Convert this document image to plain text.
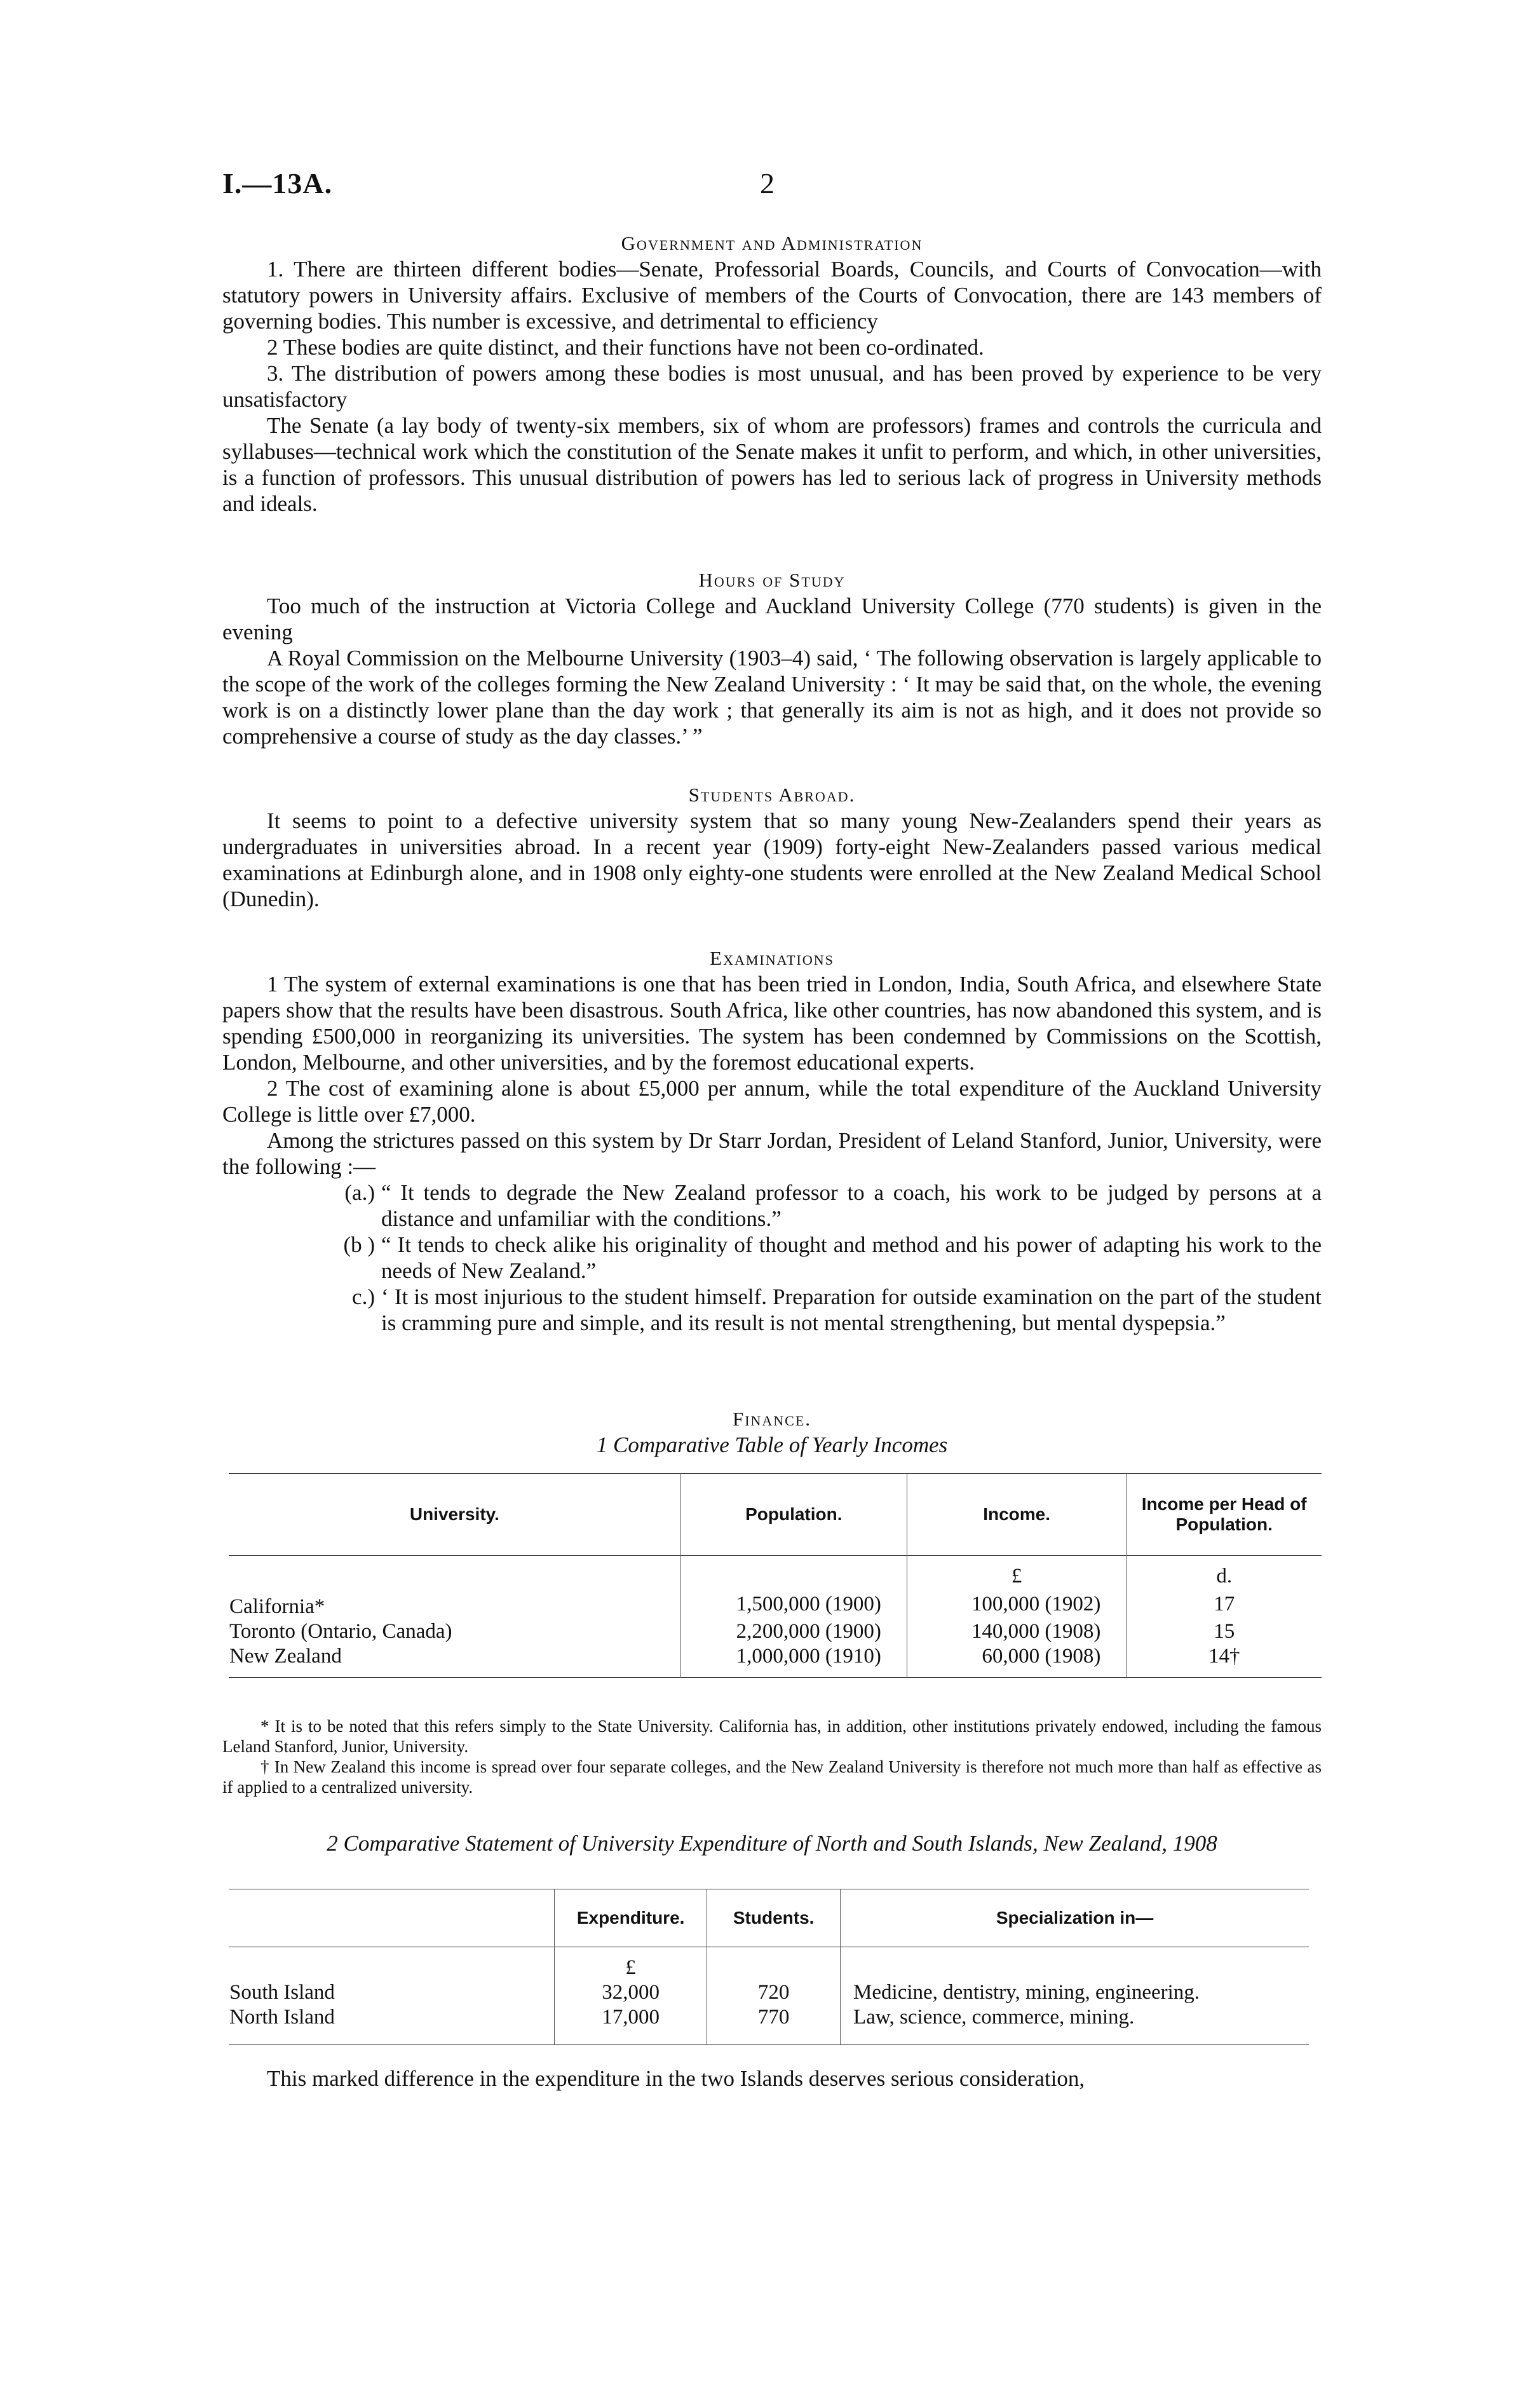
I.—13A.	2

Government and Administration

1. There are thirteen different bodies—Senate, Professorial Boards, Councils, and Courts of Convocation—with statutory powers in University affairs. Exclusive of members of the Courts of Convocation, there are 143 members of governing bodies. This number is excessive, and detrimental to efficiency

2 These bodies are quite distinct, and their functions have not been co-ordinated.

3. The distribution of powers among these bodies is most unusual, and has been proved by experience to be very unsatisfactory

The Senate (a lay body of twenty-six members, six of whom are professors) frames and controls the curricula and syllabuses—technical work which the constitution of the Senate makes it unfit to perform, and which, in other universities, is a function of professors. This unusual distribution of powers has led to serious lack of progress in University methods and ideals.

Hours of Study

Too much of the instruction at Victoria College and Auckland University College (770 students) is given in the evening

A Royal Commission on the Melbourne University (1903–4) said, ‘ The following observation is largely applicable to the scope of the work of the colleges forming the New Zealand University : ‘ It may be said that, on the whole, the evening work is on a distinctly lower plane than the day work ; that generally its aim is not as high, and it does not provide so comprehensive a course of study as the day classes.’ ”

Students Abroad.

It seems to point to a defective university system that so many young New-Zealanders spend their years as undergraduates in universities abroad. In a recent year (1909) forty-eight New-Zealanders passed various medical examinations at Edinburgh alone, and in 1908 only eighty-one students were enrolled at the New Zealand Medical School (Dunedin).

Examinations

1 The system of external examinations is one that has been tried in London, India, South Africa, and elsewhere State papers show that the results have been disastrous. South Africa, like other countries, has now abandoned this system, and is spending £500,000 in reorganizing its universities. The system has been condemned by Commissions on the Scottish, London, Melbourne, and other universities, and by the foremost educational experts.

2 The cost of examining alone is about £5,000 per annum, while the total expenditure of the Auckland University College is little over £7,000.

Among the strictures passed on this system by Dr Starr Jordan, President of Leland Stanford, Junior, University, were the following :—

(a.) “ It tends to degrade the New Zealand professor to a coach, his work to be judged by persons at a distance and unfamiliar with the conditions.”

(b ) “ It tends to check alike his originality of thought and method and his power of adapting his work to the needs of New Zealand.”

c.) ‘ It is most injurious to the student himself. Preparation for outside examination on the part of the student is cramming pure and simple, and its result is not mental strengthening, but mental dyspepsia.”

Finance.

1 Comparative Table of Yearly Incomes

University.	Population.	Income.	Income per Head of Population.
		£	d.
California*	1,500,000 (1900)	100,000 (1902)	17
Toronto (Ontario, Canada)	2,200,000 (1900)	140,000 (1908)	15
New Zealand	1,000,000 (1910)	60,000 (1908)	14†

* It is to be noted that this refers simply to the State University. California has, in addition, other institutions privately endowed, including the famous Leland Stanford, Junior, University.

† In New Zealand this income is spread over four separate colleges, and the New Zealand University is therefore not much more than half as effective as if applied to a centralized university.

2 Comparative Statement of University Expenditure of North and South Islands, New Zealand, 1908

	Expenditure.	Students.	Specialization in—
	£		
South Island	32,000	720	Medicine, dentistry, mining, engineering.
North Island	17,000	770	Law, science, commerce, mining.

This marked difference in the expenditure in the two Islands deserves serious consideration,
